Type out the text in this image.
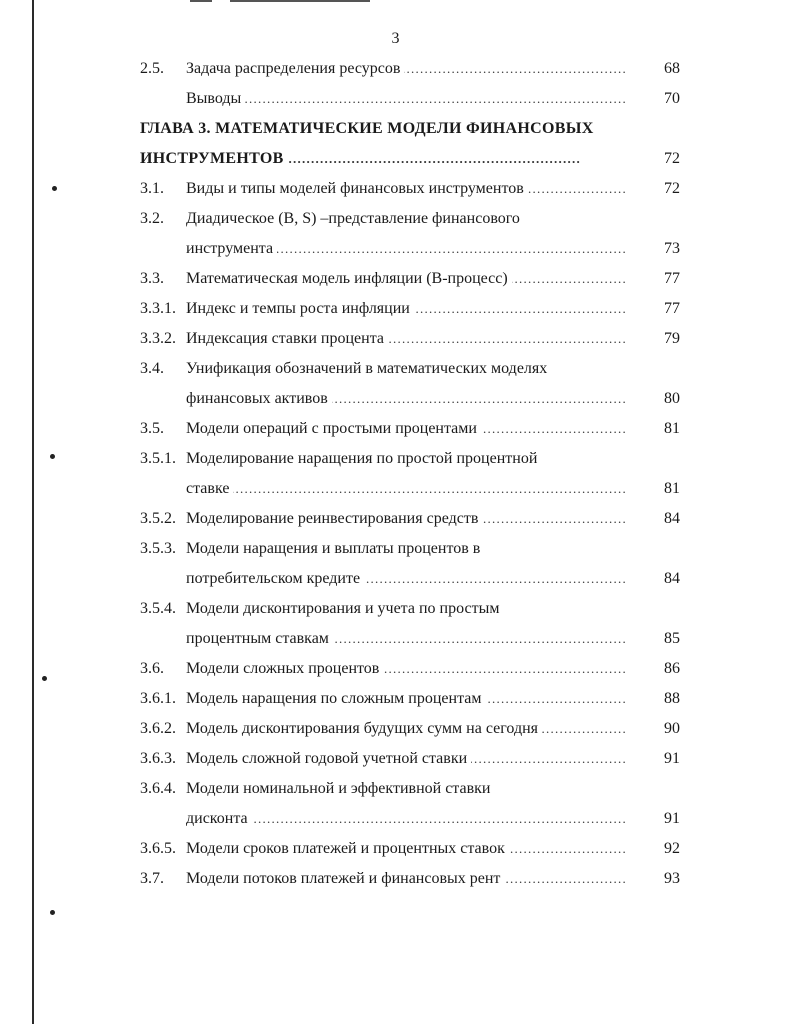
3
2.5. Задача распределения ресурсов . . .	68
Выводы . . .	70
ГЛАВА 3. МАТЕМАТИЧЕСКИЕ МОДЕЛИ ФИНАНСОВЫХ
ИНСТРУМЕНТОВ . . .	72
3.1. Виды и типы моделей финансовых инструментов . . .	72
3.2. Диадическое (B, S) –представление финансового
инструмента . . .	73
3.3. Математическая модель инфляции (B-процесс) . . .	77
3.3.1. Индекс и темпы роста инфляции . . .	77
3.3.2. Индексация ставки процента . . .	79
3.4. Унификация обозначений в математических моделях
финансовых активов . . .	80
3.5. Модели операций с простыми процентами . . .	81
3.5.1. Моделирование наращения по простой процентной
ставке . . .	81
3.5.2. Моделирование реинвестирования средств . . .	84
3.5.3. Модели наращения и выплаты процентов в
потребительском кредите . . .	84
3.5.4. Модели дисконтирования и учета по простым
процентным ставкам . . .	85
3.6. Модели сложных процентов . . .	86
3.6.1. Модель наращения по сложным процентам . . .	88
3.6.2. Модель дисконтирования будущих сумм на сегодня . . .	90
3.6.3. Модель сложной годовой учетной ставки . . .	91
3.6.4. Модели номинальной и эффективной ставки
дисконта . . .	91
3.6.5. Модели сроков платежей и процентных ставок . . .	92
3.7. Модели потоков платежей и финансовых рент . . .	93
